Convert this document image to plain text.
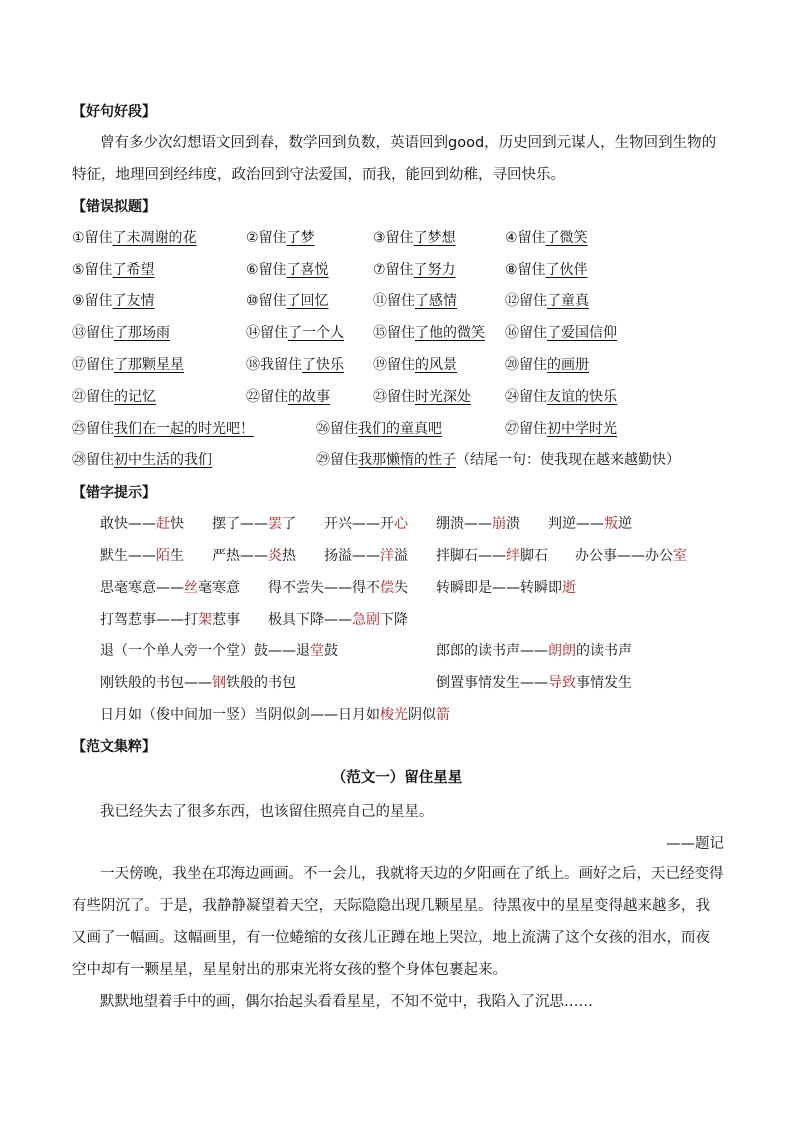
【好句好段】
曾有多少次幻想语文回到春，数学回到负数，英语回到good，历史回到元谋人，生物回到生物的特征，地理回到经纬度，政治回到守法爱国，而我，能回到幼稚，寻回快乐。
【错误拟题】
①留住了未凋谢的花	②留住了梦	③留住了梦想	④留住了微笑
⑤留住了希望	⑥留住了喜悦	⑦留住了努力	⑧留住了伙伴
⑨留住了友情	⑩留住了回忆	⑪留住了感情	⑫留住了童真
⑬留住了那场雨	⑭留住了一个人 ⑮留住了他的微笑 ⑯留住了爱国信仰
⑰留住了那颗星星	⑱我留住了快乐 ⑲留住的风景	⑳留住的画册
㉑留住的记忆	㉒留住的故事	㉓留住时光深处 ㉔留住友谊的快乐
㉕留住我们在一起的时光吧！	㉖留住我们的童真吧	㉗留住初中学时光
㉘留住初中生活的我们	㉙留住我那懒惰的性子（结尾一句：使我现在越来越勤快）
【错字提示】
敢快——赶快 摆了——罢了 开兴——开心 绷溃——崩溃 判逆——叛逆
默生——陌生 严热——炎热 扬溢——洋溢 拌脚石——绊脚石 办公事——办公室
思毫寒意——丝毫寒意 得不尝失——得不偿失 转瞬即是——转瞬即逝
打驾惹事——打架惹事 极具下降——急剧下降
退（一个单人旁一个堂）鼓——退堂鼓	郎郎的读书声——朗朗的读书声
刚铁般的书包——钢铁般的书包	倒置事情发生——导致事情发生
日月如（俊中间加一竖）当阴似剑——日月如梭光阴似箭
【范文集粹】
（范文一）留住星星
我已经失去了很多东西，也该留住照亮自己的星星。
——题记
一天傍晚，我坐在邛海边画画。不一会儿，我就将天边的夕阳画在了纸上。画好之后，天已经变得有些阴沉了。于是，我静静凝望着天空，天际隐隐出现几颗星星。待黑夜中的星星变得越来越多，我又画了一幅画。这幅画里，有一位蜷缩的女孩儿正蹲在地上哭泣，地上流满了这个女孩的泪水，而夜空中却有一颗星星，星星射出的那束光将女孩的整个身体包裹起来。
默默地望着手中的画，偶尔抬起头看看星星，不知不觉中，我陷入了沉思……
